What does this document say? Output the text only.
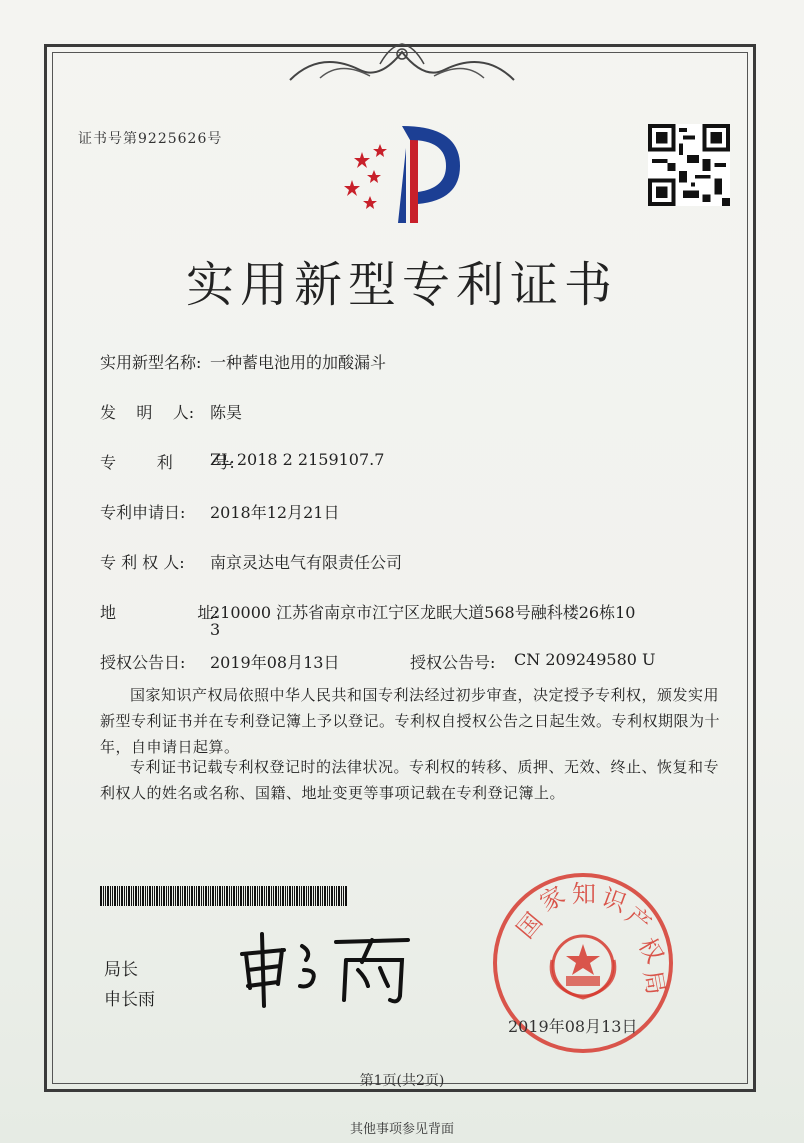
证书号第9225626号
实用新型专利证书
实用新型名称: 一种蓄电池用的加酸漏斗
发    明    人: 陈昊
专        利        号:
ZL 2018 2 2159107.7
专利申请日: 2018年12月21日
专 利 权 人: 南京灵达电气有限责任公司
地                址:
210000 江苏省南京市江宁区龙眠大道568号融科楼26栋10
3
授权公告日: 2019年08月13日	授权公告号: CN 209249580 U
国家知识产权局依照中华人民共和国专利法经过初步审查，决定授予专利权，颁发实用
新型专利证书并在专利登记簿上予以登记。专利权自授权公告之日起生效。专利权期限为十
年，自申请日起算。
专利证书记载专利权登记时的法律状况。专利权的转移、质押、无效、终止、恢复和专
利权人的姓名或名称、国籍、地址变更等事项记载在专利登记簿上。
局长
申长雨
国
家 知 识
产
权
局
2019年08月13日
第1页(共2页)
其他事项参见背面
